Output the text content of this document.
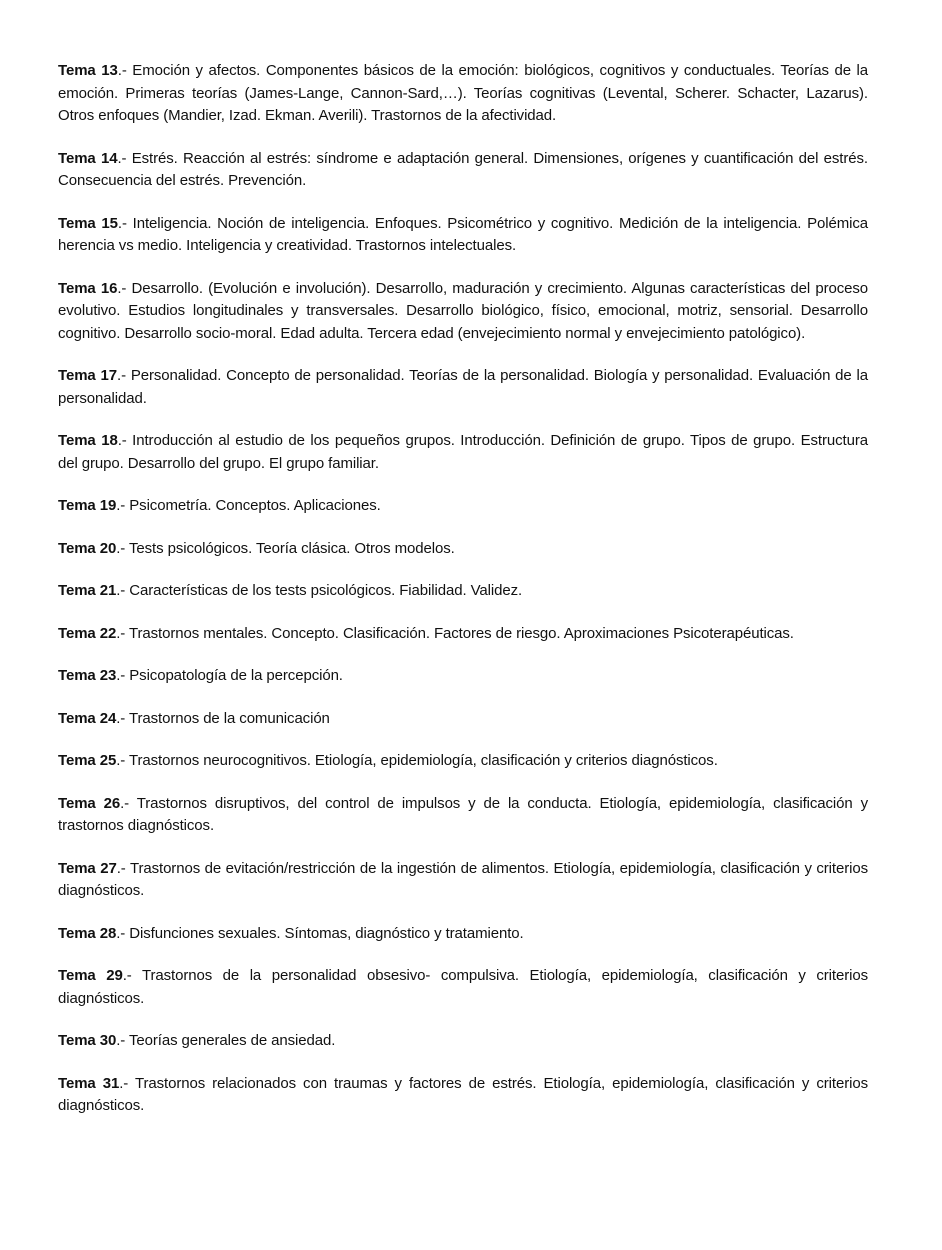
Tema 13.- Emoción y afectos. Componentes básicos de la emoción: biológicos, cognitivos y conductuales. Teorías de la emoción. Primeras teorías (James-Lange, Cannon-Sard,…). Teorías cognitivas (Levental, Scherer. Schacter, Lazarus). Otros enfoques (Mandier, Izad. Ekman. Averili). Trastornos de la afectividad.

Tema 14.- Estrés. Reacción al estrés: síndrome e adaptación general. Dimensiones, orígenes y cuantificación del estrés. Consecuencia del estrés. Prevención.

Tema 15.- Inteligencia. Noción de inteligencia. Enfoques. Psicométrico y cognitivo. Medición de la inteligencia. Polémica herencia vs medio. Inteligencia y creatividad. Trastornos intelectuales.

Tema 16.- Desarrollo. (Evolución e involución). Desarrollo, maduración y crecimiento. Algunas características del proceso evolutivo. Estudios longitudinales y transversales. Desarrollo biológico, físico, emocional, motriz, sensorial. Desarrollo cognitivo. Desarrollo socio-moral. Edad adulta. Tercera edad (envejecimiento normal y envejecimiento patológico).

Tema 17.- Personalidad. Concepto de personalidad. Teorías de la personalidad. Biología y personalidad. Evaluación de la personalidad.

Tema 18.- Introducción al estudio de los pequeños grupos. Introducción. Definición de grupo. Tipos de grupo. Estructura del grupo. Desarrollo del grupo. El grupo familiar.

Tema 19.- Psicometría. Conceptos. Aplicaciones.

Tema 20.- Tests psicológicos. Teoría clásica. Otros modelos.

Tema 21.- Características de los tests psicológicos. Fiabilidad. Validez.

Tema 22.- Trastornos mentales. Concepto. Clasificación. Factores de riesgo. Aproximaciones Psicoterapéuticas.

Tema 23.- Psicopatología de la percepción.

Tema 24.- Trastornos de la comunicación

Tema 25.- Trastornos neurocognitivos. Etiología, epidemiología, clasificación y criterios diagnósticos.

Tema 26.- Trastornos disruptivos, del control de impulsos y de la conducta. Etiología, epidemiología, clasificación y trastornos diagnósticos.

Tema 27.- Trastornos de evitación/restricción de la ingestión de alimentos. Etiología, epidemiología, clasificación y criterios diagnósticos.

Tema 28.- Disfunciones sexuales. Síntomas, diagnóstico y tratamiento.

Tema 29.- Trastornos de la personalidad obsesivo- compulsiva. Etiología, epidemiología, clasificación y criterios diagnósticos.

Tema 30.- Teorías generales de ansiedad.

Tema 31.- Trastornos relacionados con traumas y factores de estrés. Etiología, epidemiología, clasificación y criterios diagnósticos.
